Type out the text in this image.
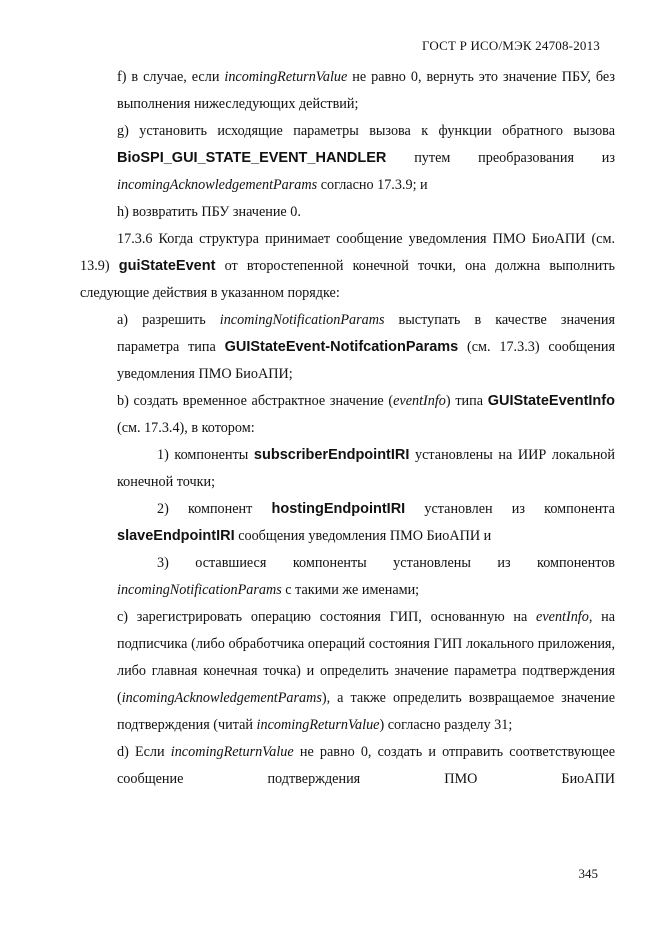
ГОСТ Р ИСО/МЭК 24708-2013

f) в случае, если incomingReturnValue не равно 0, вернуть это значение ПБУ, без выполнения нижеследующих действий;

g) установить исходящие параметры вызова к функции обратного вызова BioSPI_GUI_STATE_EVENT_HANDLER путем преобразования из incomingAcknowledgementParams согласно 17.3.9; и

h) возвратить ПБУ значение 0.

17.3.6 Когда структура принимает сообщение уведомления ПМО БиоАПИ (см. 13.9) guiStateEvent от второстепенной конечной точки, она должна выполнить следующие действия в указанном порядке:

a) разрешить incomingNotificationParams выступать в качестве значения параметра типа GUIStateEvent-NotifcationParams (см. 17.3.3) сообщения уведомления ПМО БиоАПИ;

b) создать временное абстрактное значение (eventInfo) типа GUIStateEventInfo (см. 17.3.4), в котором:

1) компоненты subscriberEndpointIRI установлены на ИИР локальной конечной точки;

2) компонент hostingEndpointIRI установлен из компонента slaveEndpointIRI сообщения уведомления ПМО БиоАПИ и

3) оставшиеся компоненты установлены из компонентов incomingNotificationParams с такими же именами;

c) зарегистрировать операцию состояния ГИП, основанную на eventInfo, на подписчика (либо обработчика операций состояния ГИП локального приложения, либо главная конечная точка) и определить значение параметра подтверждения (incomingAcknowledgementParams), а также определить возвращаемое значение подтверждения (читай incomingReturnValue) согласно разделу 31;

d) Если incomingReturnValue не равно 0, создать и отправить соответствующее сообщение подтверждения ПМО БиоАПИ

345
